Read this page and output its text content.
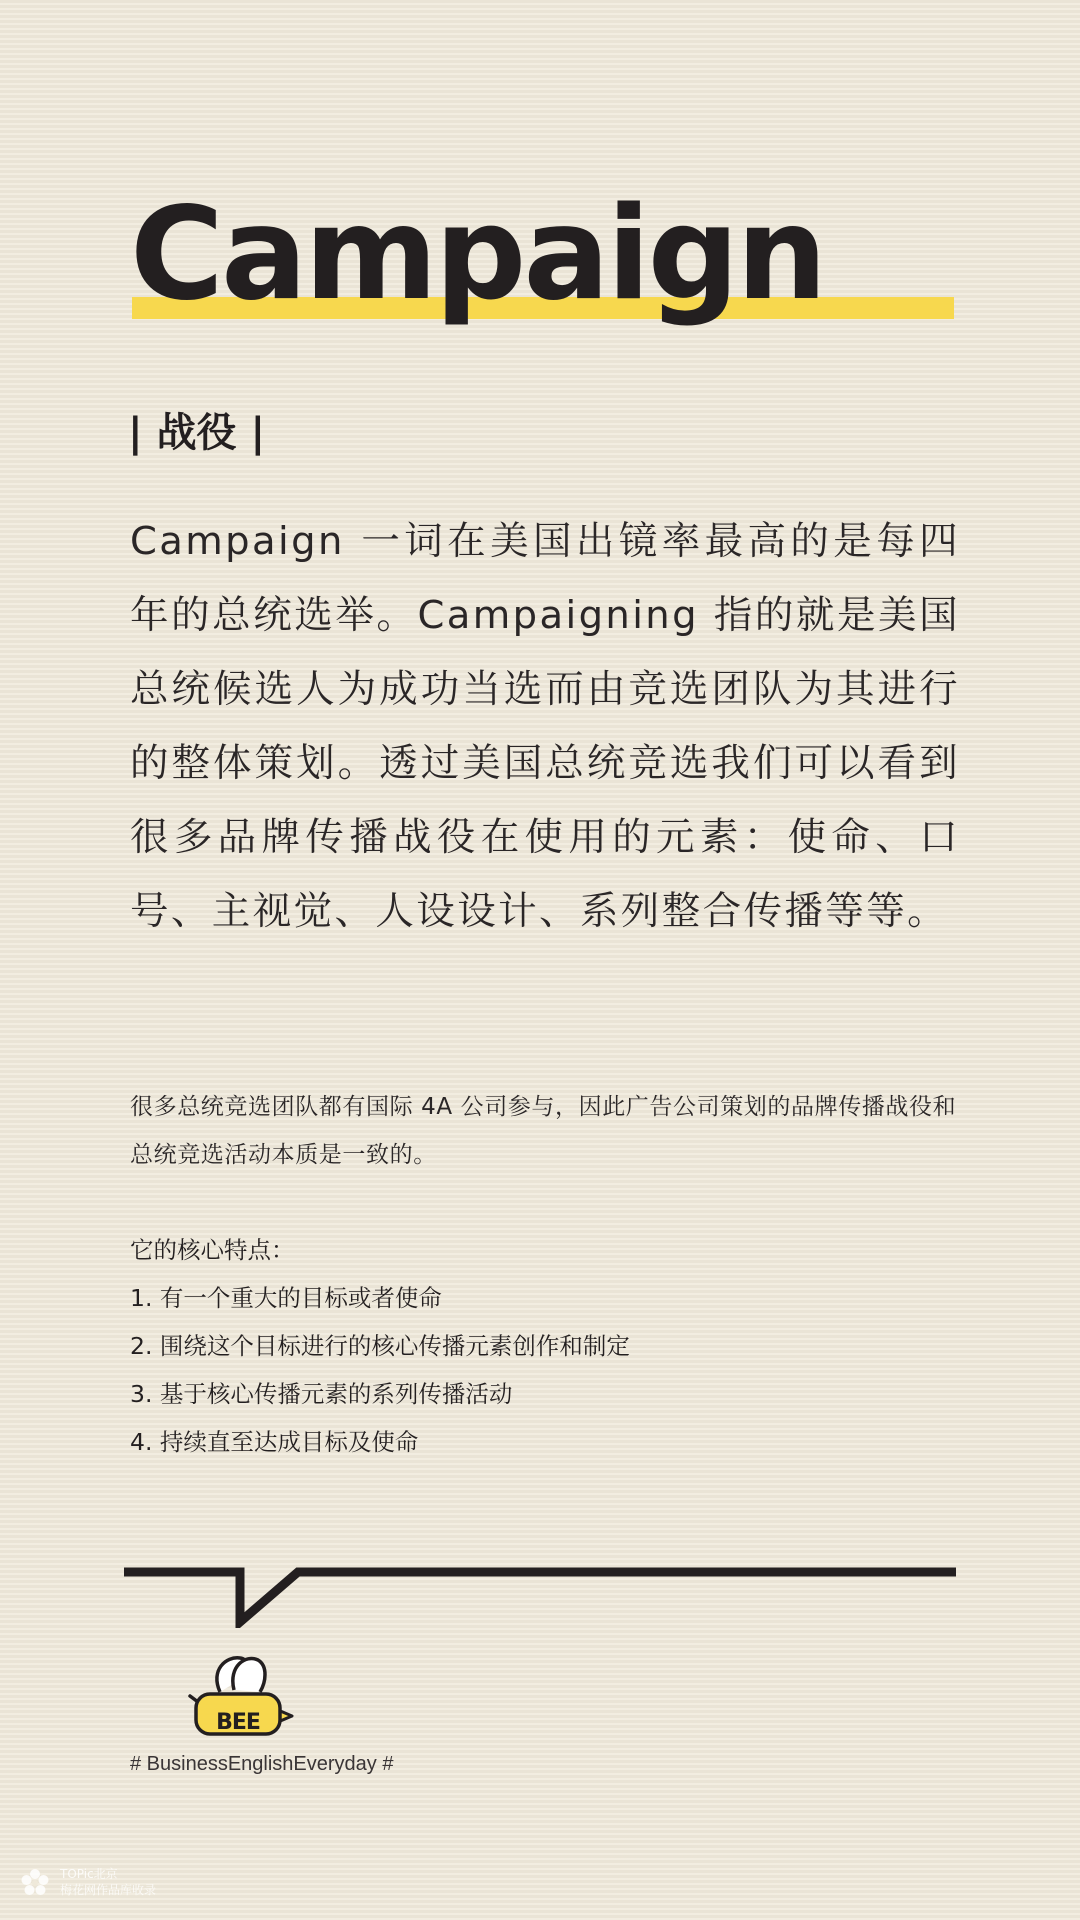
Campaign
| 战役 |

Campaign 一词在美国出镜率最高的是每四年的总统选举。Campaigning 指的就是美国总统候选人为成功当选而由竞选团队为其进行的整体策划。透过美国总统竞选我们可以看到很多品牌传播战役在使用的元素：使命、口号、主视觉、人设设计、系列整合传播等等。

很多总统竞选团队都有国际 4A 公司参与，因此广告公司策划的品牌传播战役和总统竞选活动本质是一致的。

它的核心特点：

1. 有一个重大的目标或者使命
2. 围绕这个目标进行的核心传播元素创作和制定
3. 基于核心传播元素的系列传播活动
4. 持续直至达成目标及使命
BEE
# BusinessEnglishEveryday #
TOPic北京
梅花网作品库收录
